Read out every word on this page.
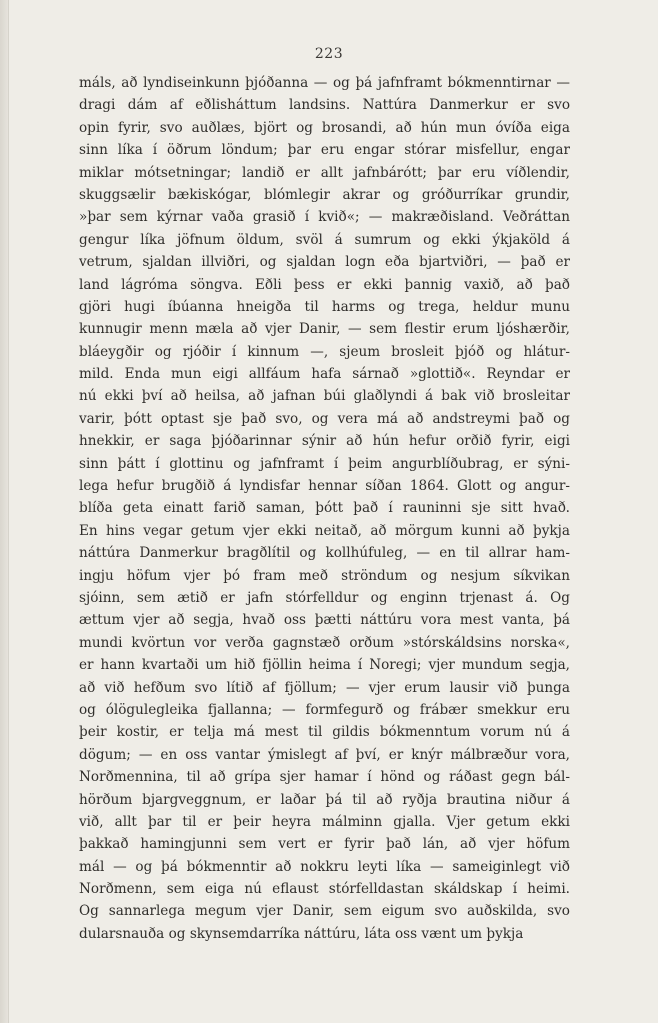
223
máls, að lyndiseinkunn þjóðanna — og þá jafnframt bókmenntirnar —
dragi dám af eðlisháttum landsins. Nattúra Danmerkur er svo
opin fyrir, svo auðlæs, björt og brosandi, að hún mun óvíða eiga
sinn líka í öðrum löndum; þar eru engar stórar misfellur, engar
miklar mótsetningar; landið er allt jafnbárótt; þar eru víðlendir,
skuggsælir bækiskógar, blómlegir akrar og gróðurríkar grundir,
»þar sem kýrnar vaða grasið í kvið«; — makræðisland. Veðráttan
gengur líka jöfnum öldum, svöl á sumrum og ekki ýkjaköld á
vetrum, sjaldan illviðri, og sjaldan logn eða bjartviðri, — það er
land lágróma söngva. Eðli þess er ekki þannig vaxið, að það
gjöri hugi íbúanna hneigða til harms og trega, heldur munu
kunnugir menn mæla að vjer Danir, — sem flestir erum ljóshærðir,
bláeygðir og rjóðir í kinnum —, sjeum brosleit þjóð og hlátur-
mild. Enda mun eigi allfáum hafa sárnað »glottið«. Reyndar er
nú ekki því að heilsa, að jafnan búi glaðlyndi á bak við brosleitar
varir, þótt optast sje það svo, og vera má að andstreymi það og
hnekkir, er saga þjóðarinnar sýnir að hún hefur orðið fyrir, eigi
sinn þátt í glottinu og jafnframt í þeim angurblíðubrag, er sýni-
lega hefur brugðið á lyndisfar hennar síðan 1864. Glott og angur-
blíða geta einatt farið saman, þótt það í rauninni sje sitt hvað.
En hins vegar getum vjer ekki neitað, að mörgum kunni að þykja
náttúra Danmerkur bragðlítil og kollhúfuleg, — en til allrar ham-
ingju höfum vjer þó fram með ströndum og nesjum síkvikan
sjóinn, sem ætið er jafn stórfelldur og enginn trjenast á. Og
ættum vjer að segja, hvað oss þætti náttúru vora mest vanta, þá
mundi kvörtun vor verða gagnstæð orðum »stórskáldsins norska«,
er hann kvartaði um hið fjöllin heima í Noregi; vjer mundum segja,
að við hefðum svo lítið af fjöllum; — vjer erum lausir við þunga
og ólögulegleika fjallanna; — formfegurð og frábær smekkur eru
þeir kostir, er telja má mest til gildis bókmenntum vorum nú á
dögum; — en oss vantar ýmislegt af því, er knýr málbræður vora,
Norðmennina, til að grípa sjer hamar í hönd og ráðast gegn bál-
hörðum bjargveggnum, er laðar þá til að ryðja brautina niður á
við, allt þar til er þeir heyra málminn gjalla. Vjer getum ekki
þakkað hamingjunni sem vert er fyrir það lán, að vjer höfum
mál — og þá bókmenntir að nokkru leyti líka — sameiginlegt við
Norðmenn, sem eiga nú eflaust stórfelldastan skáldskap í heimi.
Og sannarlega megum vjer Danir, sem eigum svo auðskilda, svo
dularsnauða og skynsemdarríka náttúru, láta oss vænt um þykja
